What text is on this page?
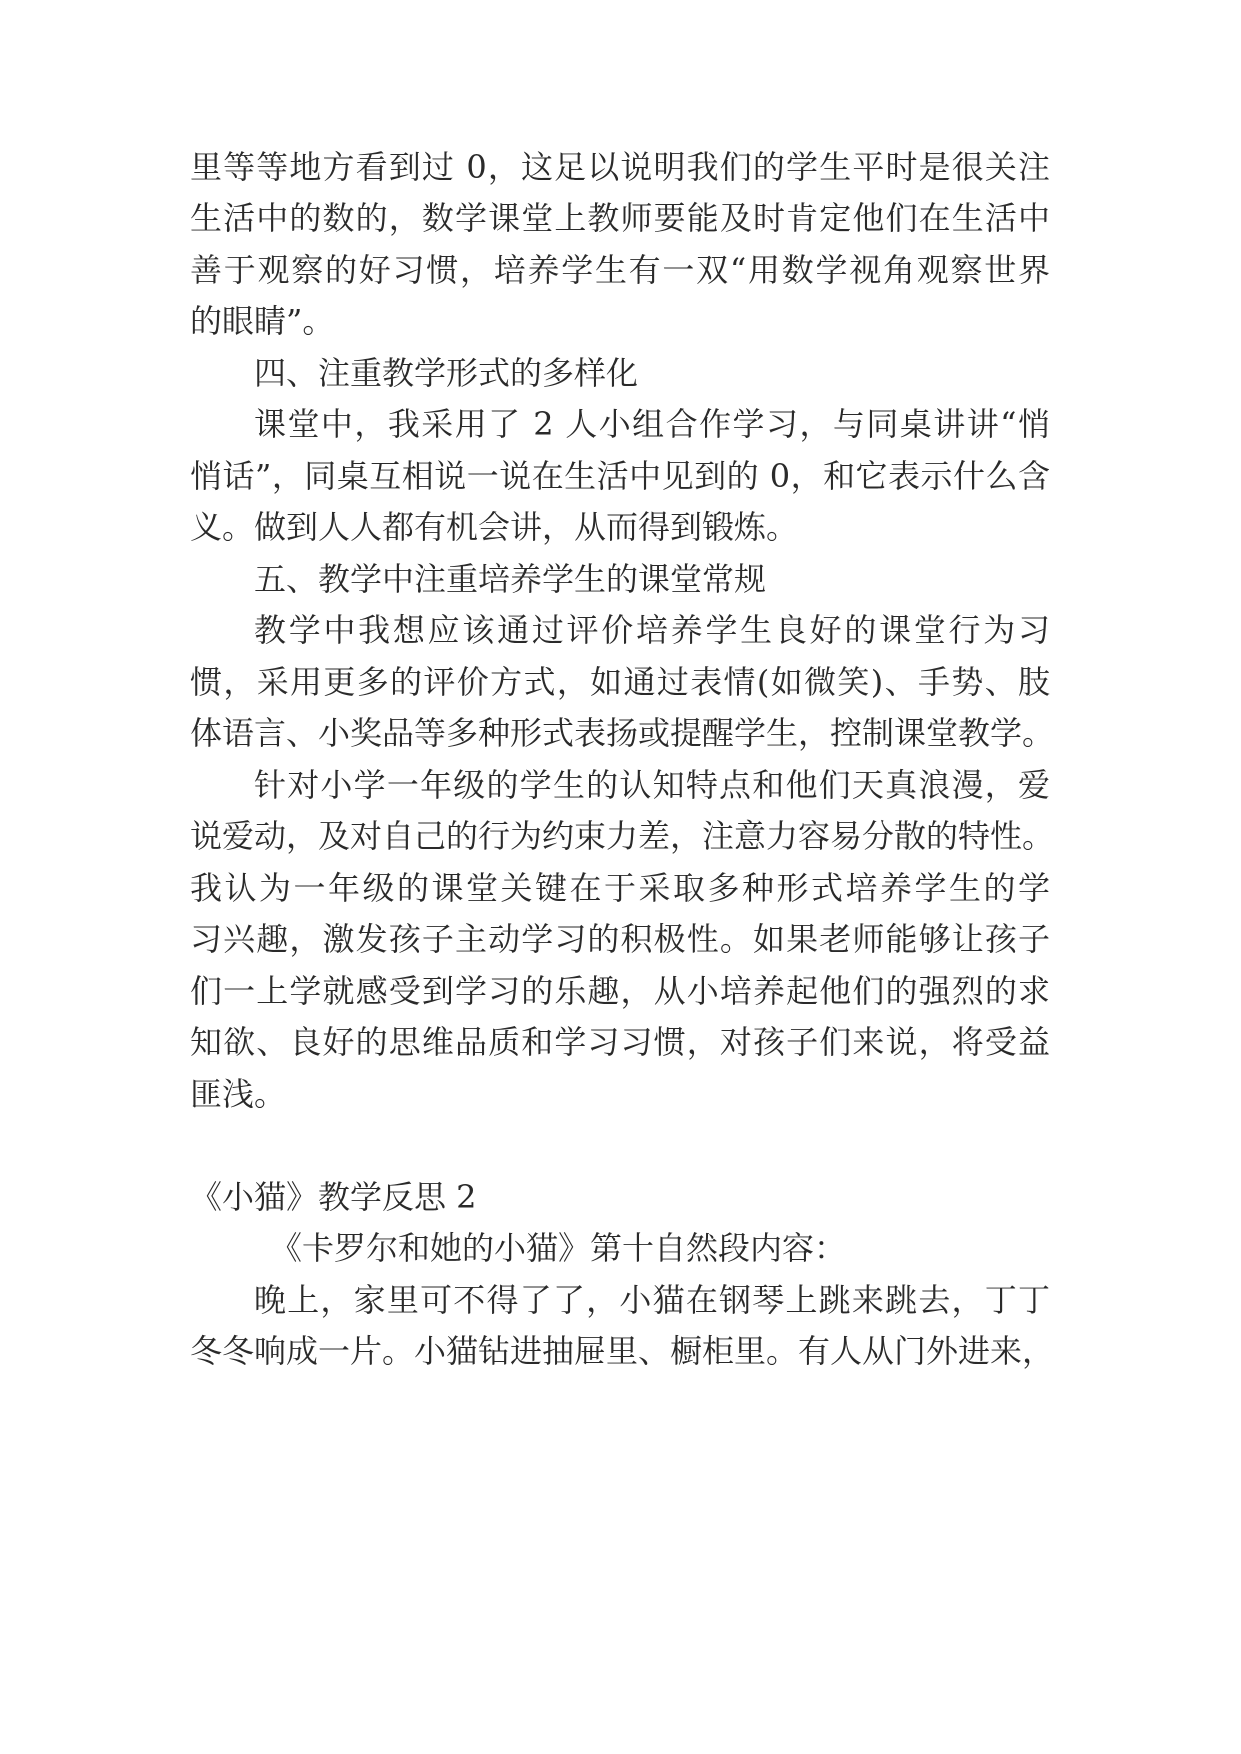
里等等地方看到过 0，这足以说明我们的学生平时是很关注
生活中的数的，数学课堂上教师要能及时肯定他们在生活中
善于观察的好习惯，培养学生有一双“用数学视角观察世界
的眼睛”。
四、注重教学形式的多样化
课堂中，我采用了 2 人小组合作学习，与同桌讲讲“悄
悄话”，同桌互相说一说在生活中见到的 0，和它表示什么含
义。做到人人都有机会讲，从而得到锻炼。
五、教学中注重培养学生的课堂常规
教学中我想应该通过评价培养学生良好的课堂行为习
惯，采用更多的评价方式，如通过表情(如微笑)、手势、肢
体语言、小奖品等多种形式表扬或提醒学生，控制课堂教学。
针对小学一年级的学生的认知特点和他们天真浪漫，爱
说爱动，及对自己的行为约束力差，注意力容易分散的特性。
我认为一年级的课堂关键在于采取多种形式培养学生的学
习兴趣，激发孩子主动学习的积极性。如果老师能够让孩子
们一上学就感受到学习的乐趣，从小培养起他们的强烈的求
知欲、良好的思维品质和学习习惯，对孩子们来说，将受益
匪浅。
《小猫》教学反思 2
《卡罗尔和她的小猫》第十自然段内容：
晚上，家里可不得了了，小猫在钢琴上跳来跳去，丁丁
冬冬响成一片。小猫钻进抽屉里、橱柜里。有人从门外进来，
